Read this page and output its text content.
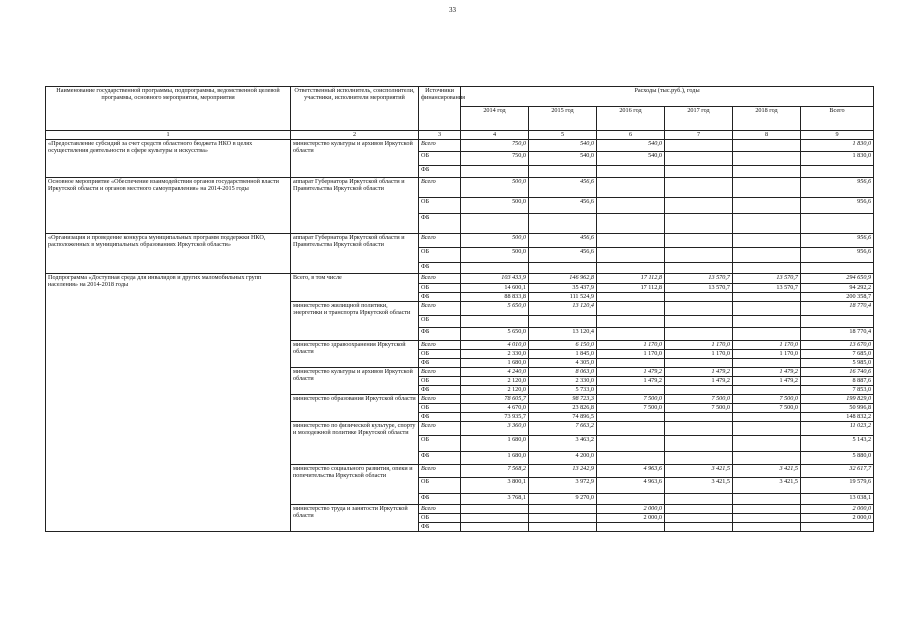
33
Наименование государственной программы, подпрограммы, ведомственной целевой программы, основного мероприятия, мероприятия	Ответственный исполнитель, соисполнители, участники, исполнители мероприятий	Источники финансирования	Расходы (тыс.руб.), годы					
			2014 год	2015 год	2016 год	2017 год	2018 год	Всего
1	2	3	4	5	6	7	8	9
«Предоставление субсидий за счет средств областного бюджета НКО в целях осуществления деятельности в сфере культуры и искусства»	министерство культуры и архивов Иркутской области	Всего	750,0	540,0	540,0			1 830,0
		ОБ	750,0	540,0	540,0			1 830,0
		ФБ						
Основное мероприятие «Обеспечение взаимодействия органов государственной власти Иркутской области и органов местного самоуправления» на 2014-2015 годы	аппарат Губернатора Иркутской области и Правительства Иркутской области	Всего	500,0	456,6				956,6
		ОБ	500,0	456,6				956,6
		ФБ						
«Организация и проведение конкурса муниципальных программ поддержки НКО, расположенных в муниципальных образованиях Иркутской области»	аппарат Губернатора Иркутской области и Правительства Иркутской области	Всего	500,0	456,6				956,6
		ОБ	500,0	456,6				956,6
		ФБ						
Подпрограмма «Доступная среда для инвалидов и других маломобильных групп населения» на 2014-2018 годы	Всего, в том числе	Всего	103 433,9	146 962,8	17 112,8	13 570,7	13 570,7	294 650,9
		ОБ	14 600,1	35 437,9	17 112,8	13 570,7	13 570,7	94 292,2
		ФБ	88 833,8	111 524,9				200 358,7
	министерство жилищной политики, энергетики и транспорта Иркутской области	Всего	5 650,0	13 120,4				18 770,4
		ОБ						
		ФБ	5 650,0	13 120,4				18 770,4
	министерство здравоохранения Иркутской области	Всего	4 010,0	6 150,0	1 170,0	1 170,0	1 170,0	13 670,0
		ОБ	2 330,0	1 845,0	1 170,0	1 170,0	1 170,0	7 685,0
		ФБ	1 680,0	4 305,0				5 985,0
	министерство культуры и архивов Иркутской области	Всего	4 240,0	8 063,0	1 479,2	1 479,2	1 479,2	16 740,6
		ОБ	2 120,0	2 330,0	1 479,2	1 479,2	1 479,2	8 887,6
		ФБ	2 120,0	5 733,0				7 853,0
	министерство образования Иркутской области	Всего	78 605,7	98 723,3	7 500,0	7 500,0	7 500,0	199 829,0
		ОБ	4 670,0	23 826,8	7 500,0	7 500,0	7 500,0	50 996,8
		ФБ	73 935,7	74 896,5				148 832,2
	министерство по физической культуре, спорту и молодежной политике Иркутской области	Всего	3 360,0	7 663,2				11 023,2
		ОБ	1 680,0	3 463,2				5 143,2
		ФБ	1 680,0	4 200,0				5 880,0
	министерство социального развития, опеки и попечительства Иркутской области	Всего	7 568,2	13 242,9	4 963,6	3 421,5	3 421,5	32 617,7
		ОБ	3 800,1	3 972,9	4 963,6	3 421,5	3 421,5	19 579,6
		ФБ	3 768,1	9 270,0				13 038,1
	министерство труда и занятости Иркутской области	Всего			2 000,0			2 000,0
		ОБ			2 000,0			2 000,0
		ФБ						
